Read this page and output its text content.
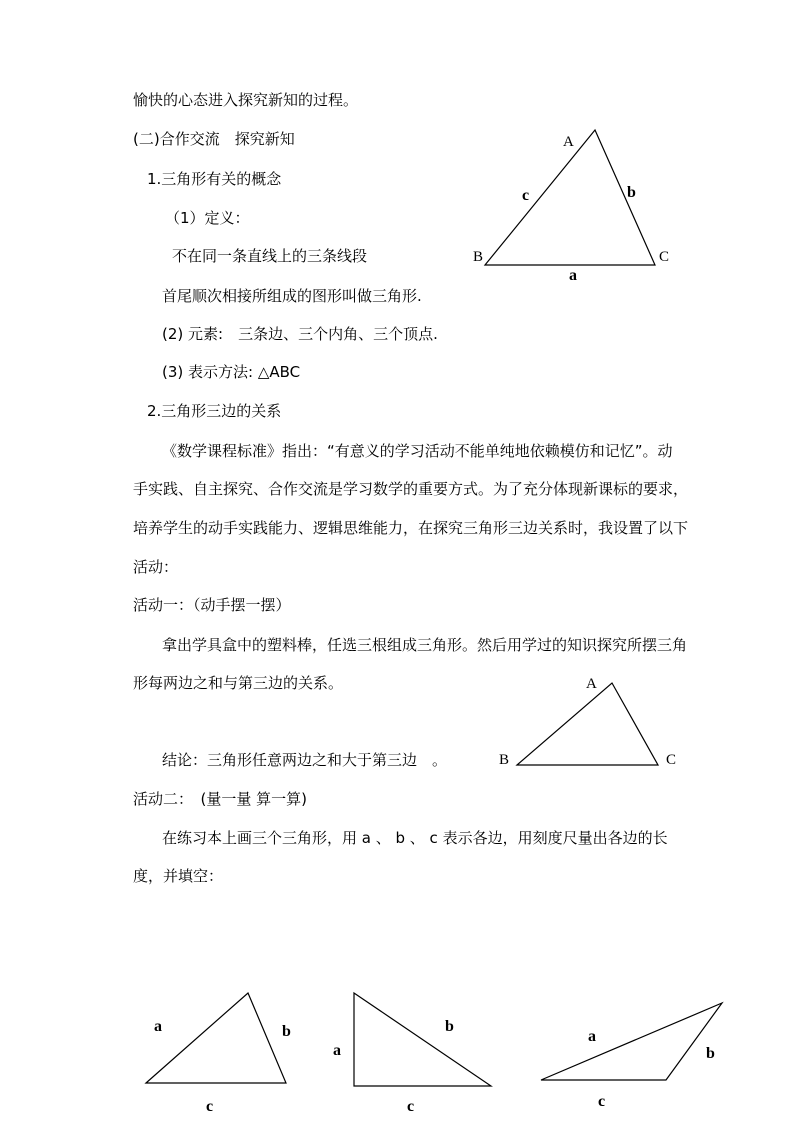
愉快的心态进入探究新知的过程。
(二)合作交流　探究新知
1.三角形有关的概念
（1）定义：
不在同一条直线上的三条线段
首尾顺次相接所组成的图形叫做三角形.
(2) 元素:　三条边、三个内角、三个顶点.
(3) 表示方法: △ABC
2.三角形三边的关系
《数学课程标准》指出：“有意义的学习活动不能单纯地依赖模仿和记忆”。动
手实践、自主探究、合作交流是学习数学的重要方式。为了充分体现新课标的要求，
培养学生的动手实践能力、逻辑思维能力，在探究三角形三边关系时，我设置了以下
活动：
活动一：（动手摆一摆）
拿出学具盒中的塑料棒，任选三根组成三角形。然后用学过的知识探究所摆三角
形每两边之和与第三边的关系。
结论：三角形任意两边之和大于第三边　。
活动二：　(量一量 算一算)
在练习本上画三个三角形，用 a 、 b 、 c 表示各边，用刻度尺量出各边的长
度，并填空：
A
B	C
a
b
c
A
B	C
a	b
c
a
b
c
a
b
c
